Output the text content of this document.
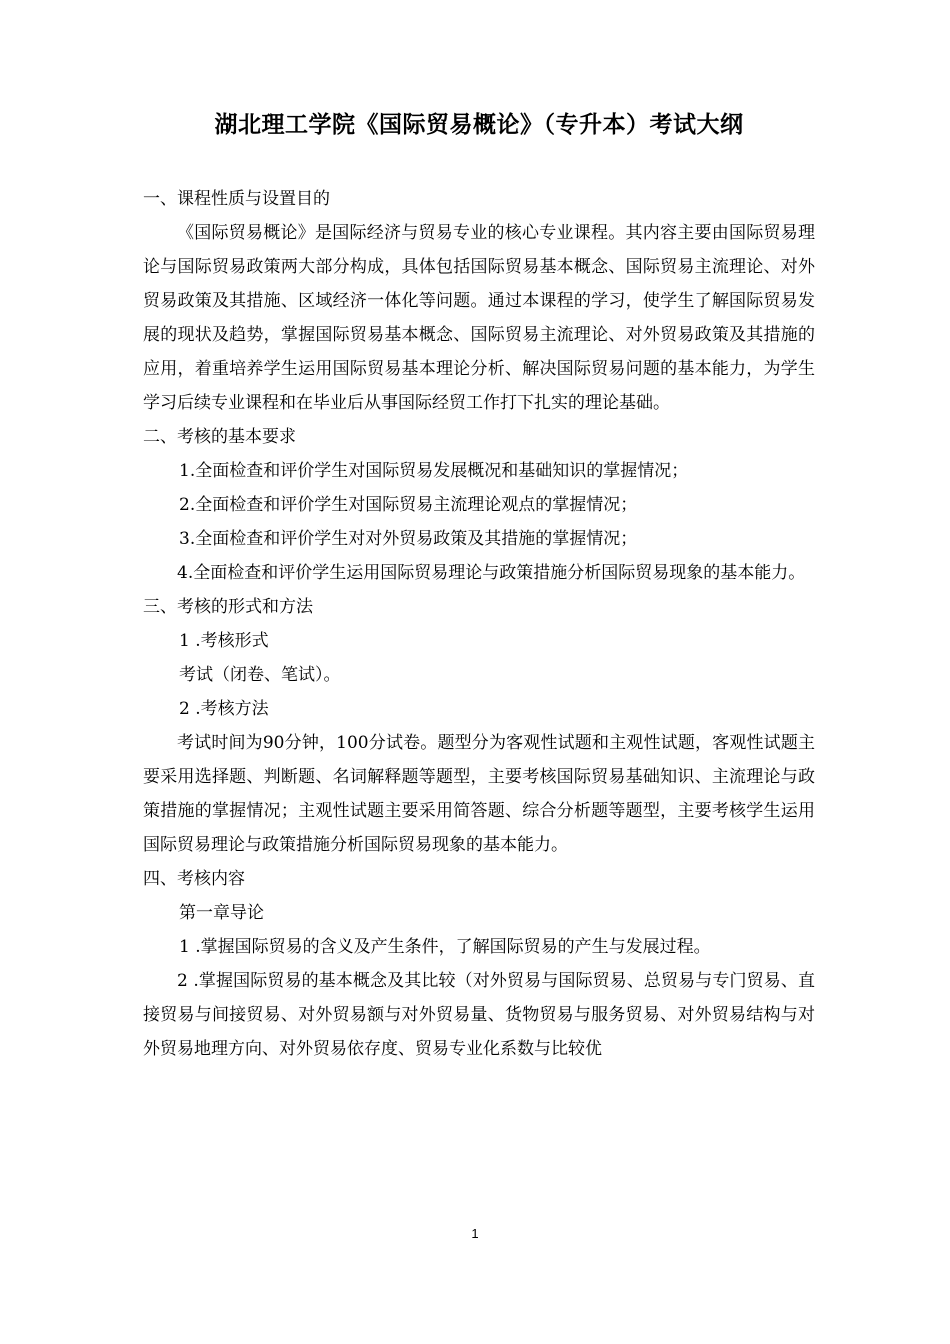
湖北理工学院《国际贸易概论》（专升本）考试大纲

一、课程性质与设置目的

《国际贸易概论》是国际经济与贸易专业的核心专业课程。其内容主要由国际贸易理论与国际贸易政策两大部分构成，具体包括国际贸易基本概念、国际贸易主流理论、对外贸易政策及其措施、区域经济一体化等问题。通过本课程的学习，使学生了解国际贸易发展的现状及趋势，掌握国际贸易基本概念、国际贸易主流理论、对外贸易政策及其措施的应用，着重培养学生运用国际贸易基本理论分析、解决国际贸易问题的基本能力，为学生学习后续专业课程和在毕业后从事国际经贸工作打下扎实的理论基础。

二、考核的基本要求

1.全面检查和评价学生对国际贸易发展概况和基础知识的掌握情况；

2.全面检查和评价学生对国际贸易主流理论观点的掌握情况；

3.全面检查和评价学生对对外贸易政策及其措施的掌握情况；

4.全面检查和评价学生运用国际贸易理论与政策措施分析国际贸易现象的基本能力。

三、考核的形式和方法

1 .考核形式

考试（闭卷、笔试）。

2 .考核方法

考试时间为90分钟，100分试卷。题型分为客观性试题和主观性试题，客观性试题主要采用选择题、判断题、名词解释题等题型，主要考核国际贸易基础知识、主流理论与政策措施的掌握情况；主观性试题主要采用简答题、综合分析题等题型，主要考核学生运用国际贸易理论与政策措施分析国际贸易现象的基本能力。

四、考核内容

第一章导论

1 .掌握国际贸易的含义及产生条件，了解国际贸易的产生与发展过程。

2 .掌握国际贸易的基本概念及其比较（对外贸易与国际贸易、总贸易与专门贸易、直接贸易与间接贸易、对外贸易额与对外贸易量、货物贸易与服务贸易、对外贸易结构与对外贸易地理方向、对外贸易依存度、贸易专业化系数与比较优

1
